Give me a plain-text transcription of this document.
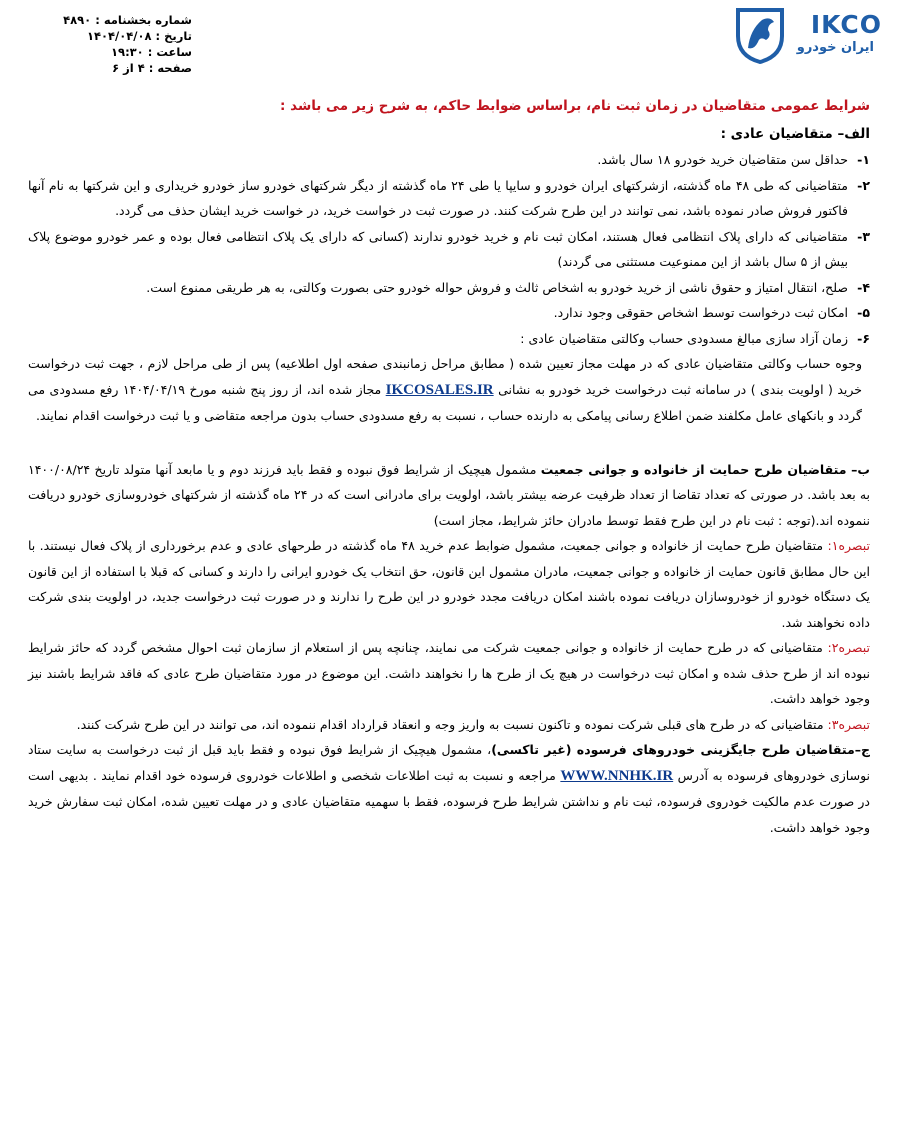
شماره بخشنامه : ۴۸۹۰
تاریخ : ۱۴۰۴/۰۴/۰۸
ساعت : ۱۹:۳۰
صفحه : ۴ از ۶
IKCO
ایران خودرو
شرایط عمومی متقاضیان در زمان ثبت نام، براساس ضوابط حاکم، به شرح زیر می باشد :
الف– متقاضیان عادی :
۱-
حداقل سن متقاضیان خرید خودرو ۱۸ سال باشد.
۲-
متقاضیانی که طی ۴۸ ماه گذشته، ازشرکتهای ایران خودرو و سایپا یا طی ۲۴ ماه گذشته از دیگر شرکتهای خودرو ساز خودرو خریداری و این شرکتها به نام آنها فاکتور فروش صادر نموده باشد، نمی توانند در این طرح شرکت کنند. در صورت ثبت در خواست خرید، در خواست خرید ایشان حذف می گردد.
۳-
متقاضیانی که دارای پلاک انتظامی فعال هستند، امکان ثبت نام و خرید خودرو ندارند (کسانی که دارای یک پلاک انتظامی فعال بوده و عمر خودرو موضوع پلاک بیش از ۵ سال باشد از این ممنوعیت مستثنی می گردند)
۴-
صلح، انتقال امتیاز و حقوق ناشی از خرید خودرو به اشخاص ثالث و فروش حواله خودرو حتی بصورت وکالتی، به هر طریقی ممنوع است.
۵-
امکان ثبت درخواست توسط اشخاص حقوقی وجود ندارد.
۶-
زمان آزاد سازی مبالغ مسدودی حساب وکالتی متقاضیان عادی :
وجوه حساب وکالتی متقاضیان عادی که در مهلت مجاز تعیین شده ( مطابق مراحل زمانبندی صفحه اول اطلاعیه) پس از طی مراحل لازم ، جهت ثبت درخواست خرید ( اولویت بندی ) در سامانه ثبت درخواست خرید خودرو به نشانی IKCOSALES.IR مجاز شده اند، از روز پنج شنبه مورخ ۱۴۰۴/۰۴/۱۹ رفع مسدودی می گردد و بانکهای عامل مکلفند ضمن اطلاع رسانی پیامکی به دارنده حساب ، نسبت به رفع مسدودی حساب بدون مراجعه متقاضی و یا ثبت درخواست اقدام نمایند.
ب– متقاضیان طرح حمایت از خانواده و جوانی جمعیت مشمول هیچیک از شرایط فوق نبوده و فقط باید فرزند دوم و یا مابعد آنها متولد تاریخ ۱۴۰۰/۰۸/۲۴ به بعد باشد. در صورتی که تعداد تقاضا از تعداد ظرفیت عرضه بیشتر باشد، اولویت برای مادرانی است که در ۲۴ ماه گذشته از شرکتهای خودروسازی خودرو دریافت ننموده اند.(توجه : ثبت نام در این طرح فقط توسط مادران حائز شرایط، مجاز است)
تبصره۱: متقاضیان طرح حمایت از خانواده و جوانی جمعیت، مشمول ضوابط عدم خرید ۴۸ ماه گذشته در طرحهای عادی و عدم برخورداری از پلاک فعال نیستند. با این حال مطابق قانون حمایت از خانواده و جوانی جمعیت، مادران مشمول این قانون، حق انتخاب یک خودرو ایرانی را دارند و کسانی که قبلا با استفاده از این قانون یک دستگاه خودرو از خودروسازان دریافت نموده باشند امکان دریافت مجدد خودرو در این طرح را ندارند و در صورت ثبت درخواست جدید، در اولویت بندی شرکت داده نخواهند شد.
تبصره۲: متقاضیانی که در طرح حمایت از خانواده و جوانی جمعیت شرکت می نمایند، چنانچه پس از استعلام از سازمان ثبت احوال مشخص گردد که حائز شرایط نبوده اند از طرح حذف شده و امکان ثبت درخواست در هیچ یک از طرح ها را نخواهند داشت. این موضوع در مورد متقاضیان طرح عادی که فاقد شرایط باشند نیز وجود خواهد داشت.
تبصره۳: متقاضیانی که در طرح های قبلی شرکت نموده و تاکنون نسبت به واریز وجه و انعقاد قرارداد اقدام ننموده اند، می توانند در این طرح شرکت کنند.
ج–متقاضیان طرح جایگزینی خودروهای فرسوده (غیر تاکسی)، مشمول هیچیک از شرایط فوق نبوده و فقط باید قبل از ثبت درخواست به سایت ستاد نوسازی خودروهای فرسوده به آدرس WWW.NNHK.IR مراجعه و نسبت به ثبت اطلاعات شخصی و اطلاعات خودروی فرسوده خود اقدام نمایند . بدیهی است در صورت عدم مالکیت خودروی فرسوده، ثبت نام و نداشتن شرایط طرح فرسوده، فقط با سهمیه متقاضیان عادی و در مهلت تعیین شده، امکان ثبت سفارش خرید وجود خواهد داشت.
